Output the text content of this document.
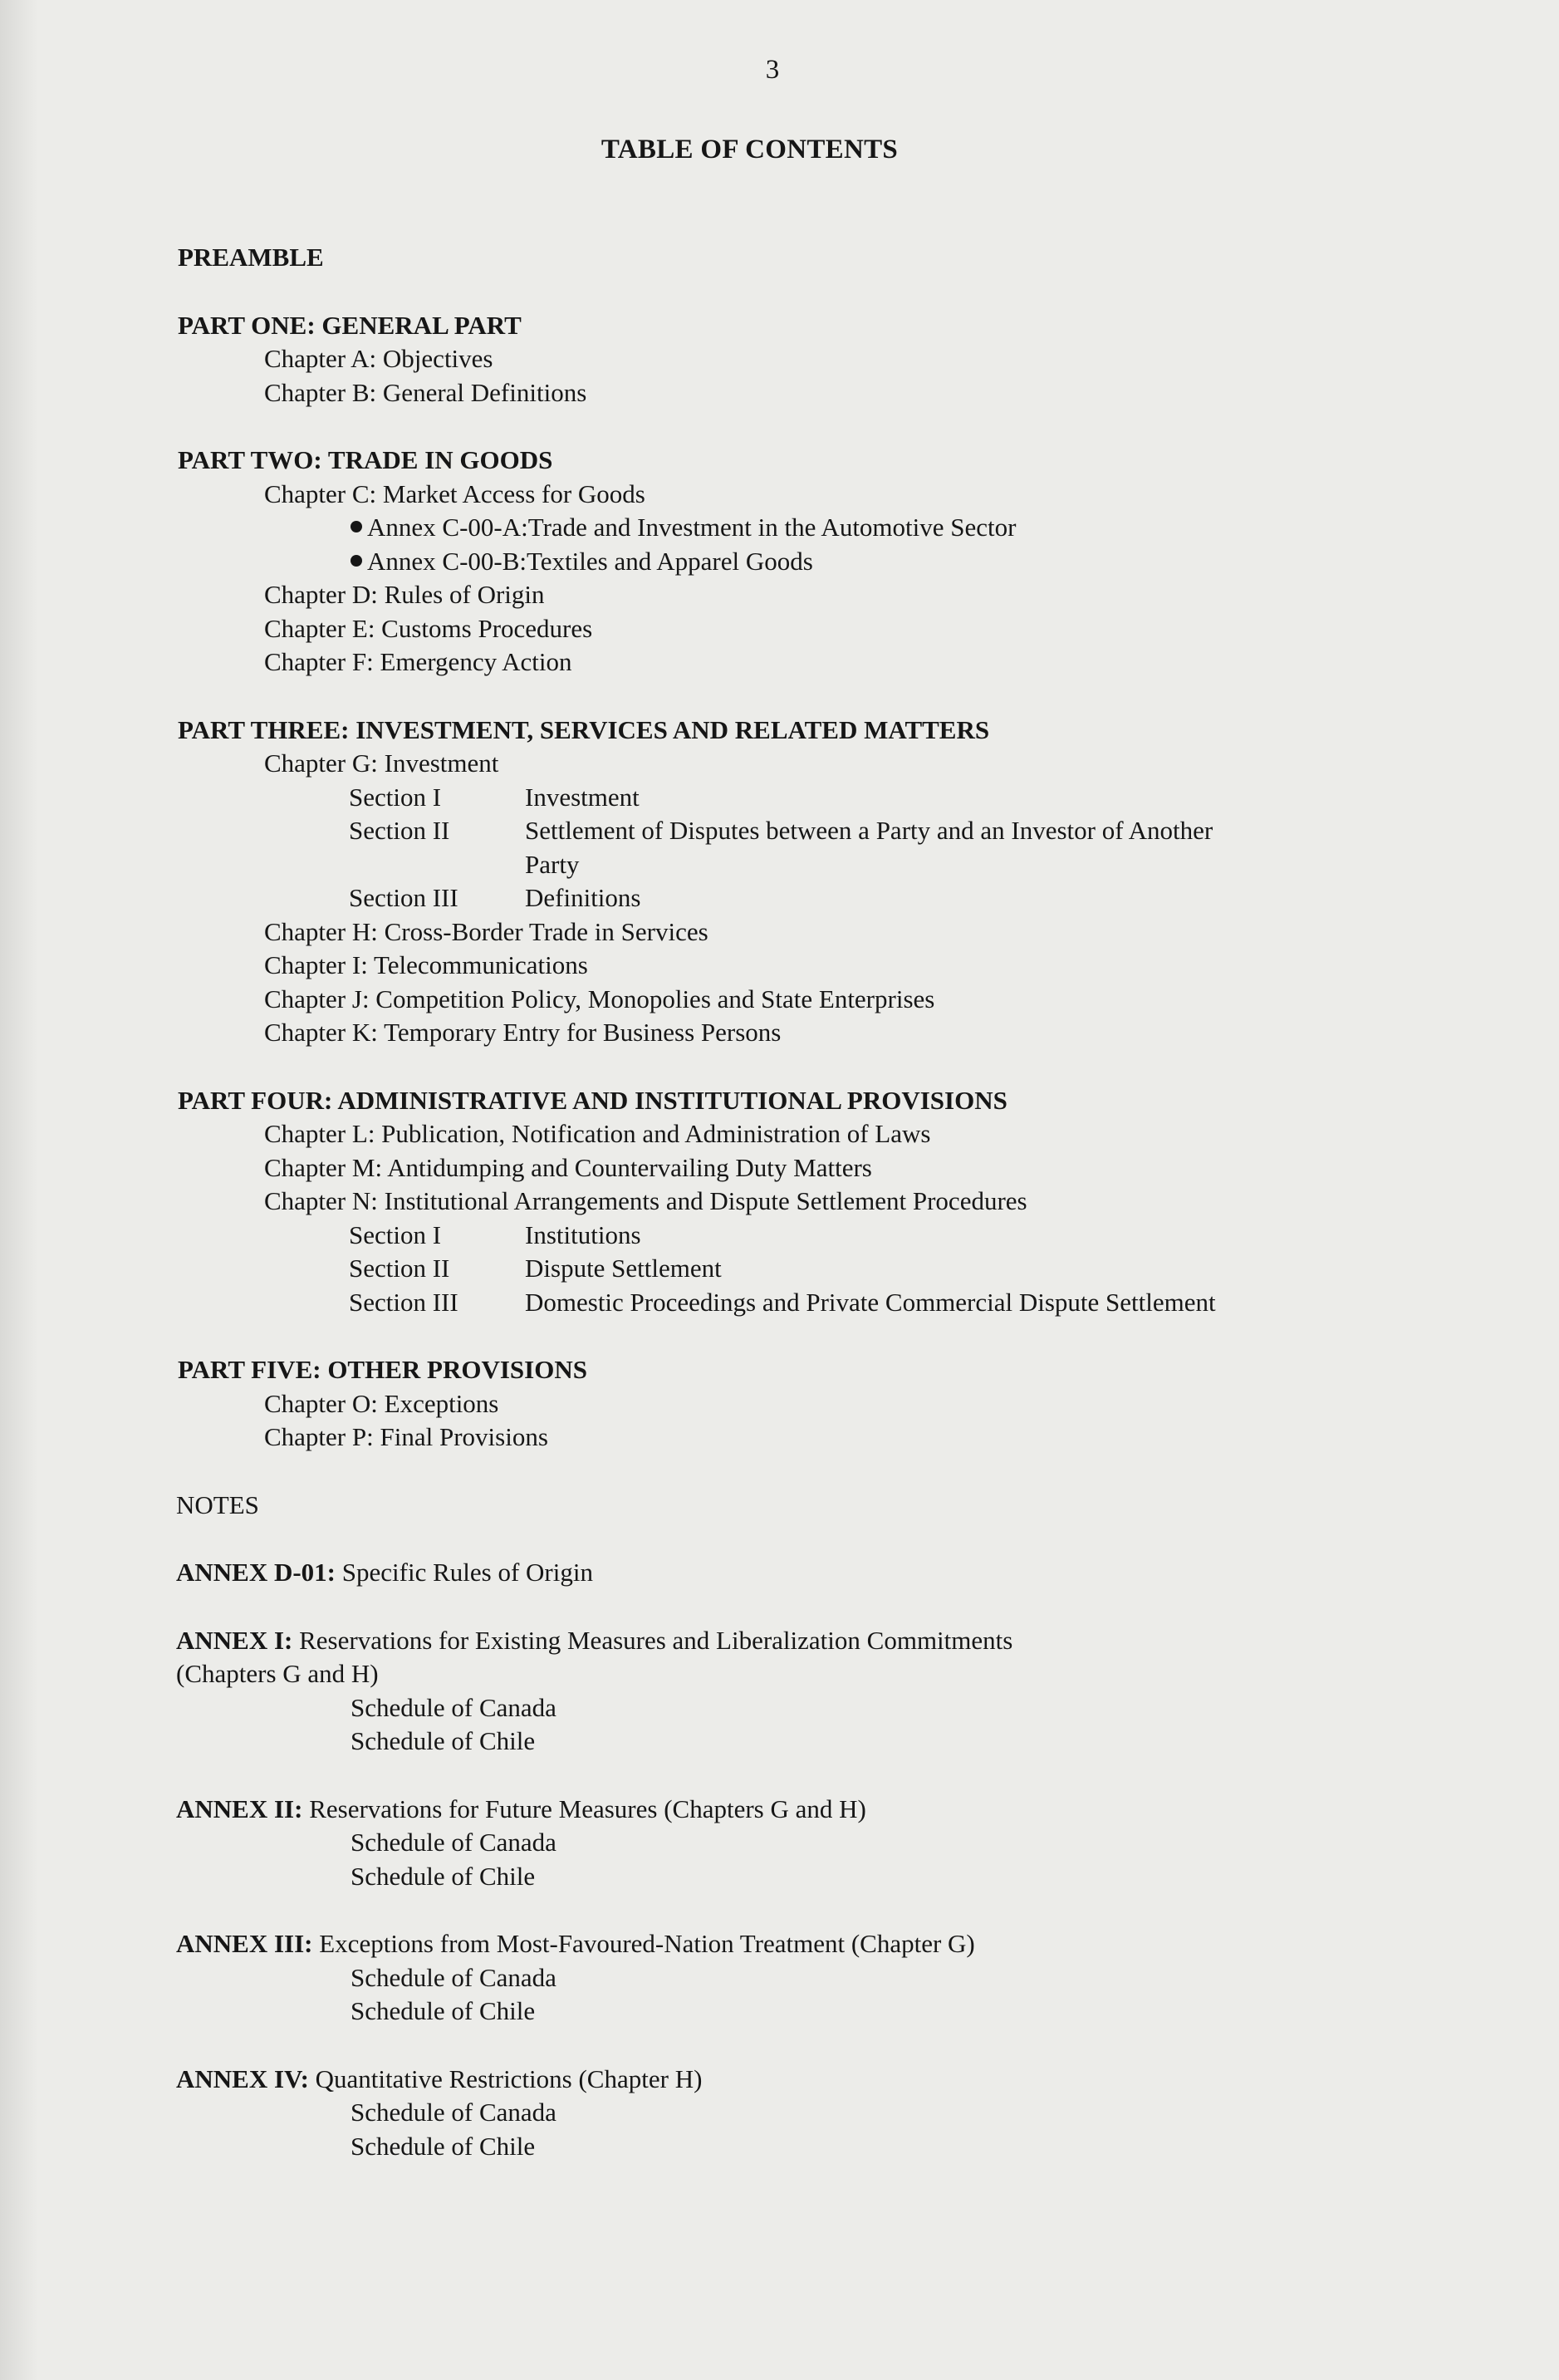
3
TABLE OF CONTENTS
PREAMBLE
PART ONE: GENERAL PART
Chapter A: Objectives
Chapter B: General Definitions
PART TWO: TRADE IN GOODS
Chapter C: Market Access for Goods
Annex C-00-A:Trade and Investment in the Automotive Sector
Annex C-00-B:Textiles and Apparel Goods
Chapter D: Rules of Origin
Chapter E: Customs Procedures
Chapter F: Emergency Action
PART THREE: INVESTMENT, SERVICES AND RELATED MATTERS
Chapter G: Investment
Section I	Investment
Section II	Settlement of Disputes between a Party and an Investor of Another Party
Section III	Definitions
Chapter H: Cross-Border Trade in Services
Chapter I: Telecommunications
Chapter J: Competition Policy, Monopolies and State Enterprises
Chapter K: Temporary Entry for Business Persons
PART FOUR: ADMINISTRATIVE AND INSTITUTIONAL PROVISIONS
Chapter L: Publication, Notification and Administration of Laws
Chapter M: Antidumping and Countervailing Duty Matters
Chapter N: Institutional Arrangements and Dispute Settlement Procedures
Section I	Institutions
Section II	Dispute Settlement
Section III	Domestic Proceedings and Private Commercial Dispute Settlement
PART FIVE: OTHER PROVISIONS
Chapter O: Exceptions
Chapter P: Final Provisions
NOTES
ANNEX D-01: Specific Rules of Origin
ANNEX I: Reservations for Existing Measures and Liberalization Commitments
(Chapters G and H)
Schedule of Canada
Schedule of Chile
ANNEX II: Reservations for Future Measures (Chapters G and H)
Schedule of Canada
Schedule of Chile
ANNEX III: Exceptions from Most-Favoured-Nation Treatment (Chapter G)
Schedule of Canada
Schedule of Chile
ANNEX IV: Quantitative Restrictions (Chapter H)
Schedule of Canada
Schedule of Chile
